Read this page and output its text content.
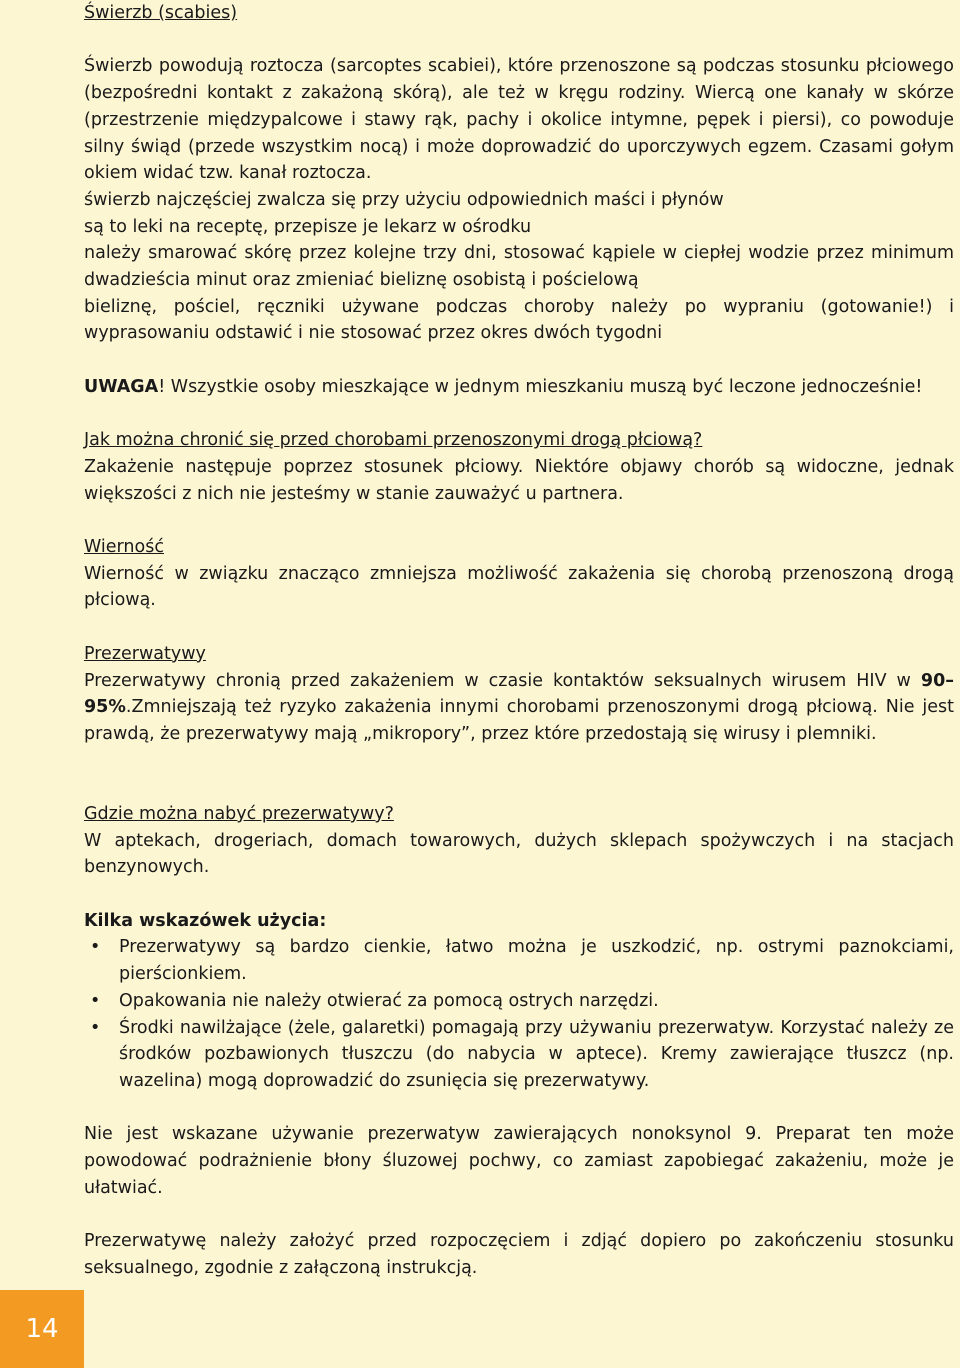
Świerzb (scabies)

Świerzb powodują roztocza (sarcoptes scabiei), które przenoszone są podczas stosunku płciowego (bezpośredni kontakt z zakażoną skórą), ale też w kręgu rodziny. Wiercą one kanały w skórze (przestrzenie międzypalcowe i stawy rąk, pachy i okolice intymne, pępek i piersi), co powoduje silny świąd (przede wszystkim nocą) i może doprowadzić do uporczywych egzem. Czasami gołym okiem widać tzw. kanał roztocza.

świerzb najczęściej zwalcza się przy użyciu odpowiednich maści i płynów

są to leki na receptę, przepisze je lekarz w ośrodku

należy smarować skórę przez kolejne trzy dni, stosować kąpiele w ciepłej wodzie przez minimum dwadzieścia minut oraz zmieniać bieliznę osobistą i pościelową

bieliznę, pościel, ręczniki używane podczas choroby należy po wypraniu (gotowanie!) i wyprasowaniu odstawić i nie stosować przez okres dwóch tygodni

UWAGA! Wszystkie osoby mieszkające w jednym mieszkaniu muszą być leczone jednocześnie!

Jak można chronić się przed chorobami przenoszonymi drogą płciową?

Zakażenie następuje poprzez stosunek płciowy. Niektóre objawy chorób są widoczne, jednak większości z nich nie jesteśmy w stanie zauważyć u partnera.

Wierność

Wierność w związku znacząco zmniejsza możliwość zakażenia się chorobą przenoszoną drogą płciową.

Prezerwatywy

Prezerwatywy chronią przed zakażeniem w czasie kontaktów seksualnych wirusem HIV w 90–95%.Zmniejszają też ryzyko zakażenia innymi chorobami przenoszonymi drogą płciową. Nie jest prawdą, że prezerwatywy mają „mikropory”, przez które przedostają się wirusy i plemniki.

Gdzie można nabyć prezerwatywy?

W aptekach, drogeriach, domach towarowych, dużych sklepach spożywczych i na stacjach benzynowych.

Kilka wskazówek użycia:

• Prezerwatywy są bardzo cienkie, łatwo można je uszkodzić, np. ostrymi paznokciami, pierścionkiem.
• Opakowania nie należy otwierać za pomocą ostrych narzędzi.
• Środki nawilżające (żele, galaretki) pomagają przy używaniu prezerwatyw. Korzystać należy ze środków pozbawionych tłuszczu (do nabycia w aptece). Kremy zawierające tłuszcz (np. wazelina) mogą doprowadzić do zsunięcia się prezerwatywy.

Nie jest wskazane używanie prezerwatyw zawierających nonoksynol 9. Preparat ten może powodować podrażnienie błony śluzowej pochwy, co zamiast zapobiegać zakażeniu, może je ułatwiać.

Prezerwatywę należy założyć przed rozpoczęciem i zdjąć dopiero po zakończeniu stosunku seksualnego, zgodnie z załączoną instrukcją.

14
